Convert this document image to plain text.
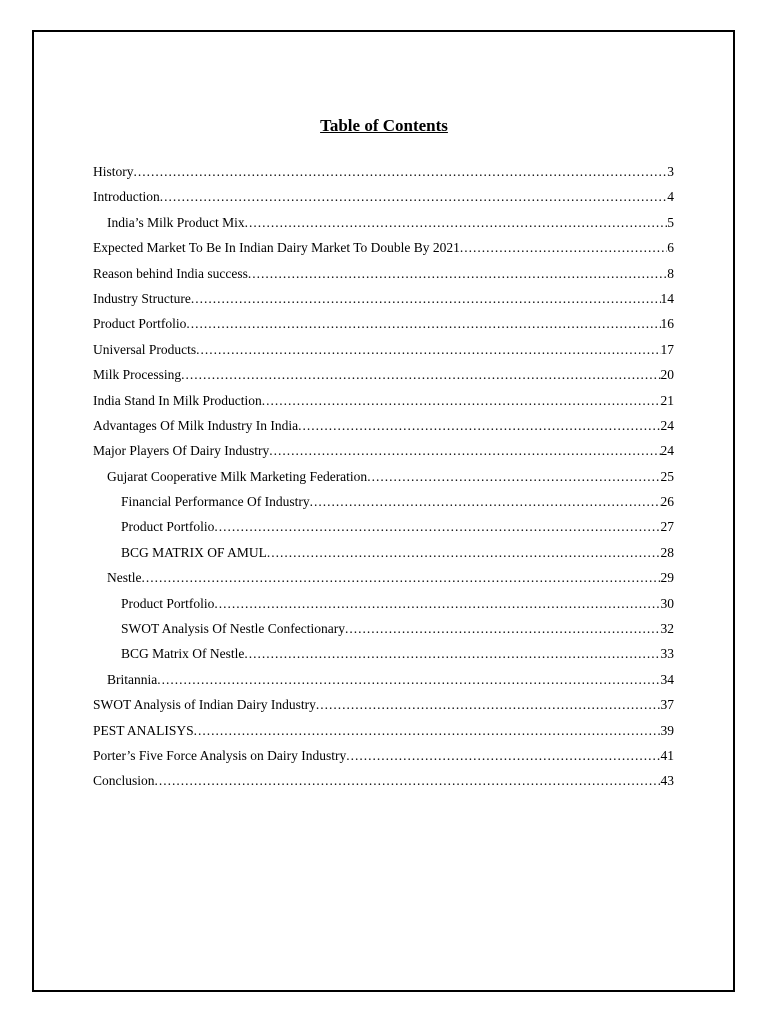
Table of Contents
History .....	3
Introduction .....	4
India’s Milk Product Mix .....	5
Expected Market To Be In Indian Dairy Market To Double By 2021 .....	6
Reason behind India success .....	8
Industry Structure .....	14
Product Portfolio .....	16
Universal Products .....	17
Milk Processing .....	20
India Stand In Milk Production .....	21
Advantages Of Milk Industry In India .....	24
Major Players Of Dairy Industry .....	24
Gujarat Cooperative Milk Marketing Federation .....	25
Financial Performance Of Industry .....	26
Product Portfolio .....	27
BCG MATRIX OF AMUL .....	28
Nestle .....	29
Product Portfolio .....	30
SWOT Analysis Of Nestle Confectionary .....	32
BCG Matrix Of Nestle .....	33
Britannia .....	34
SWOT Analysis of Indian Dairy Industry .....	37
PEST ANALISYS .....	39
Porter’s Five Force Analysis on Dairy Industry .....	41
Conclusion .....	43
